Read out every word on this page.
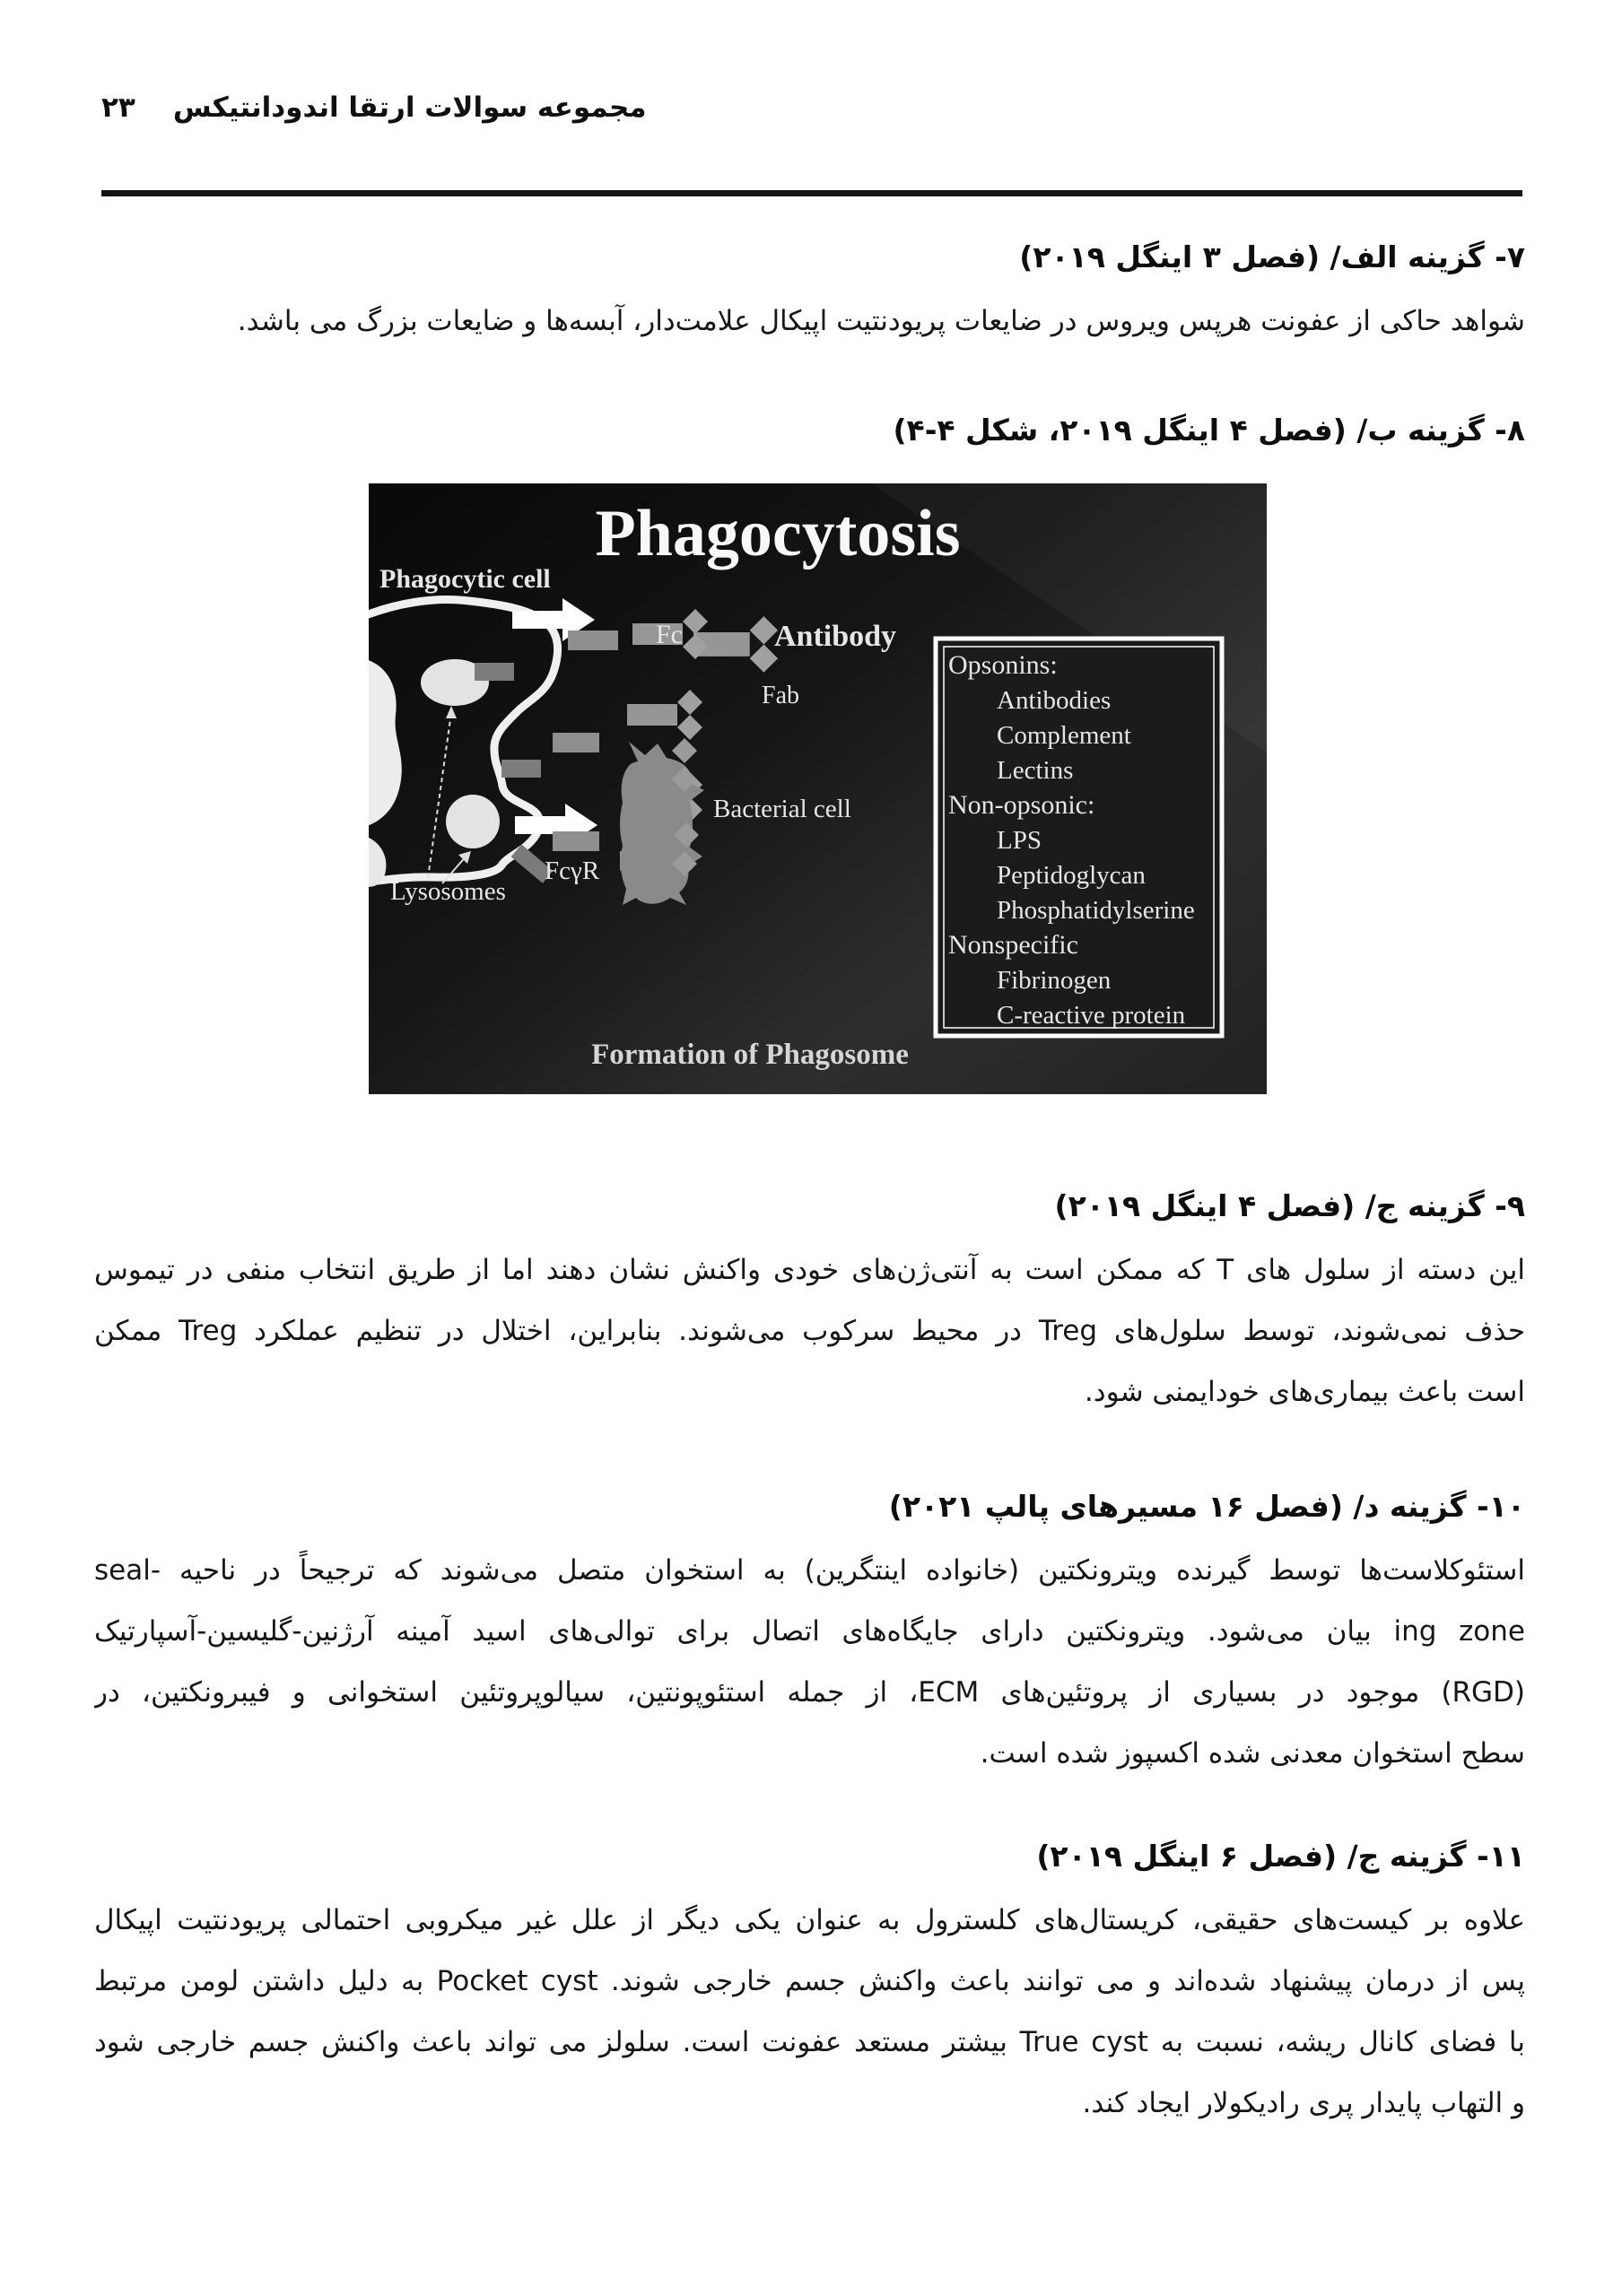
۲۳ مجموعه سوالات ارتقا اندودانتیکس
۷- گزینه الف/ (فصل ۳ اینگل ۲۰۱۹)
شواهد حاکی از عفونت هرپس ویروس در ضایعات پریودنتیت اپیکال علامت‌دار، آبسه‌ها و ضایعات بزرگ می باشد.
۸- گزینه ب/ (فصل ۴ اینگل ۲۰۱۹، شکل ۴-۴)
Opsonins:
Antibodies
Complement
Lectins
Non-opsonic:
LPS
Peptidoglycan
Phosphatidylserine
Nonspecific
Fibrinogen
C-reactive protein
Phagocytosis
Phagocytic cell
Fc	Antibody
Fab
Bacterial cell
FcγR
Lysosomes
Formation of Phagosome
۹- گزینه ج/ (فصل ۴ اینگل ۲۰۱۹)
این دسته از سلول های T که ممکن است به آنتی‌ژن‌های خودی واکنش نشان دهند اما از طریق انتخاب منفی در تیموس
حذف نمی‌شوند، توسط سلول‌های Treg در محیط سرکوب می‌شوند. بنابراین، اختلال در تنظیم عملکرد Treg ممکن
است باعث بیماری‌های خودایمنی شود.
۱۰- گزینه د/ (فصل ۱۶ مسیرهای پالپ ۲۰۲۱)
استئوکلاست‌ها توسط گیرنده ویترونکتین (خانواده اینتگرین) به استخوان متصل می‌شوند که ترجیحاً در ناحیه seal-‎
ing zone بیان می‌شود. ویترونکتین دارای جایگاه‌های اتصال برای توالی‌های اسید آمینه آرژنین-گلیسین-آسپارتیک
(RGD) موجود در بسیاری از پروتئین‌های ECM، از جمله استئوپونتین، سیالوپروتئین استخوانی و فیبرونکتین، در
سطح استخوان معدنی شده اکسپوز شده است.
۱۱- گزینه ج/ (فصل ۶ اینگل ۲۰۱۹)
علاوه بر کیست‌های حقیقی، کریستال‌های کلسترول به عنوان یکی دیگر از علل غیر میکروبی احتمالی پریودنتیت اپیکال
پس از درمان پیشنهاد شده‌اند و می توانند باعث واکنش جسم خارجی شوند. Pocket cyst به دلیل داشتن لومن مرتبط
با فضای کانال ریشه، نسبت به True cyst بیشتر مستعد عفونت است. سلولز می تواند باعث واکنش جسم خارجی شود
و التهاب پایدار پری رادیکولار ایجاد کند.
